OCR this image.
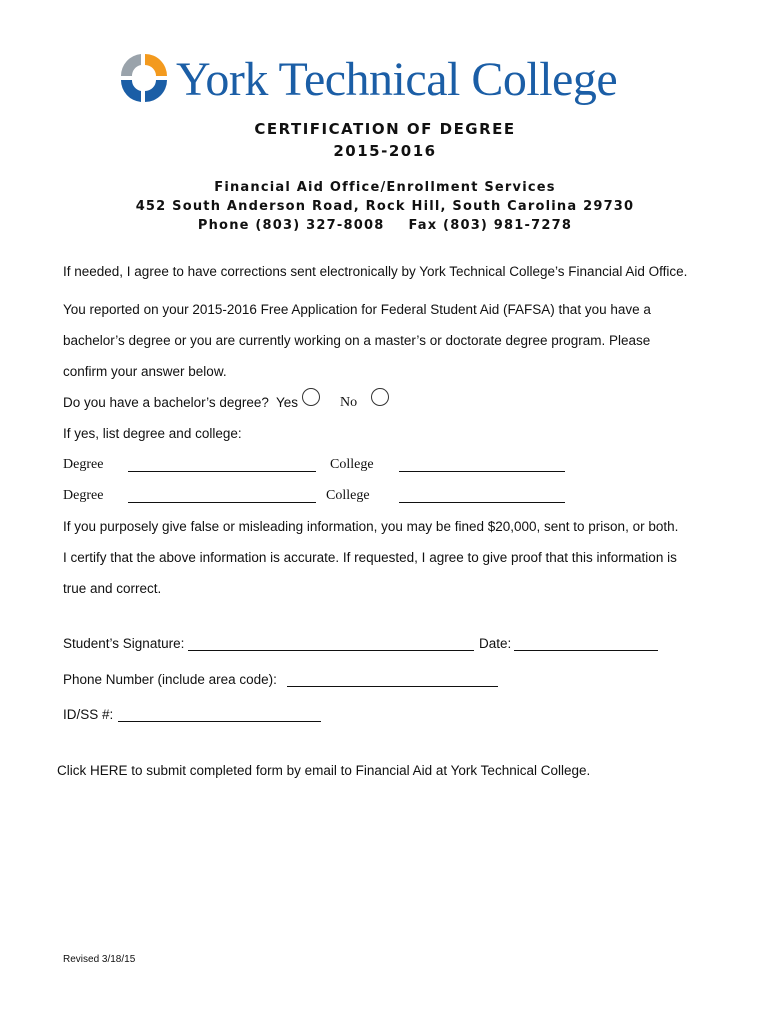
York Technical College
CERTIFICATION OF DEGREE
2015-2016
Financial Aid Office/Enrollment Services
452 South Anderson Road, Rock Hill, South Carolina 29730
Phone (803) 327-8008 Fax (803) 981-7278
If needed, I agree to have corrections sent electronically by York Technical College’s Financial Aid Office.
You reported on your 2015-2016 Free Application for Federal Student Aid (FAFSA) that you have a
bachelor’s degree or you are currently working on a master’s or doctorate degree program. Please
confirm your answer below.
Do you have a bachelor’s degree? Yes	No
If yes, list degree and college:
Degree	College
Degree	College
If you purposely give false or misleading information, you may be fined $20,000, sent to prison, or both.
I certify that the above information is accurate. If requested, I agree to give proof that this information is
true and correct.
Student’s Signature:	Date:
Phone Number (include area code):
ID/SS #:
Click HERE to submit completed form by email to Financial Aid at York Technical College.
Revised 3/18/15
